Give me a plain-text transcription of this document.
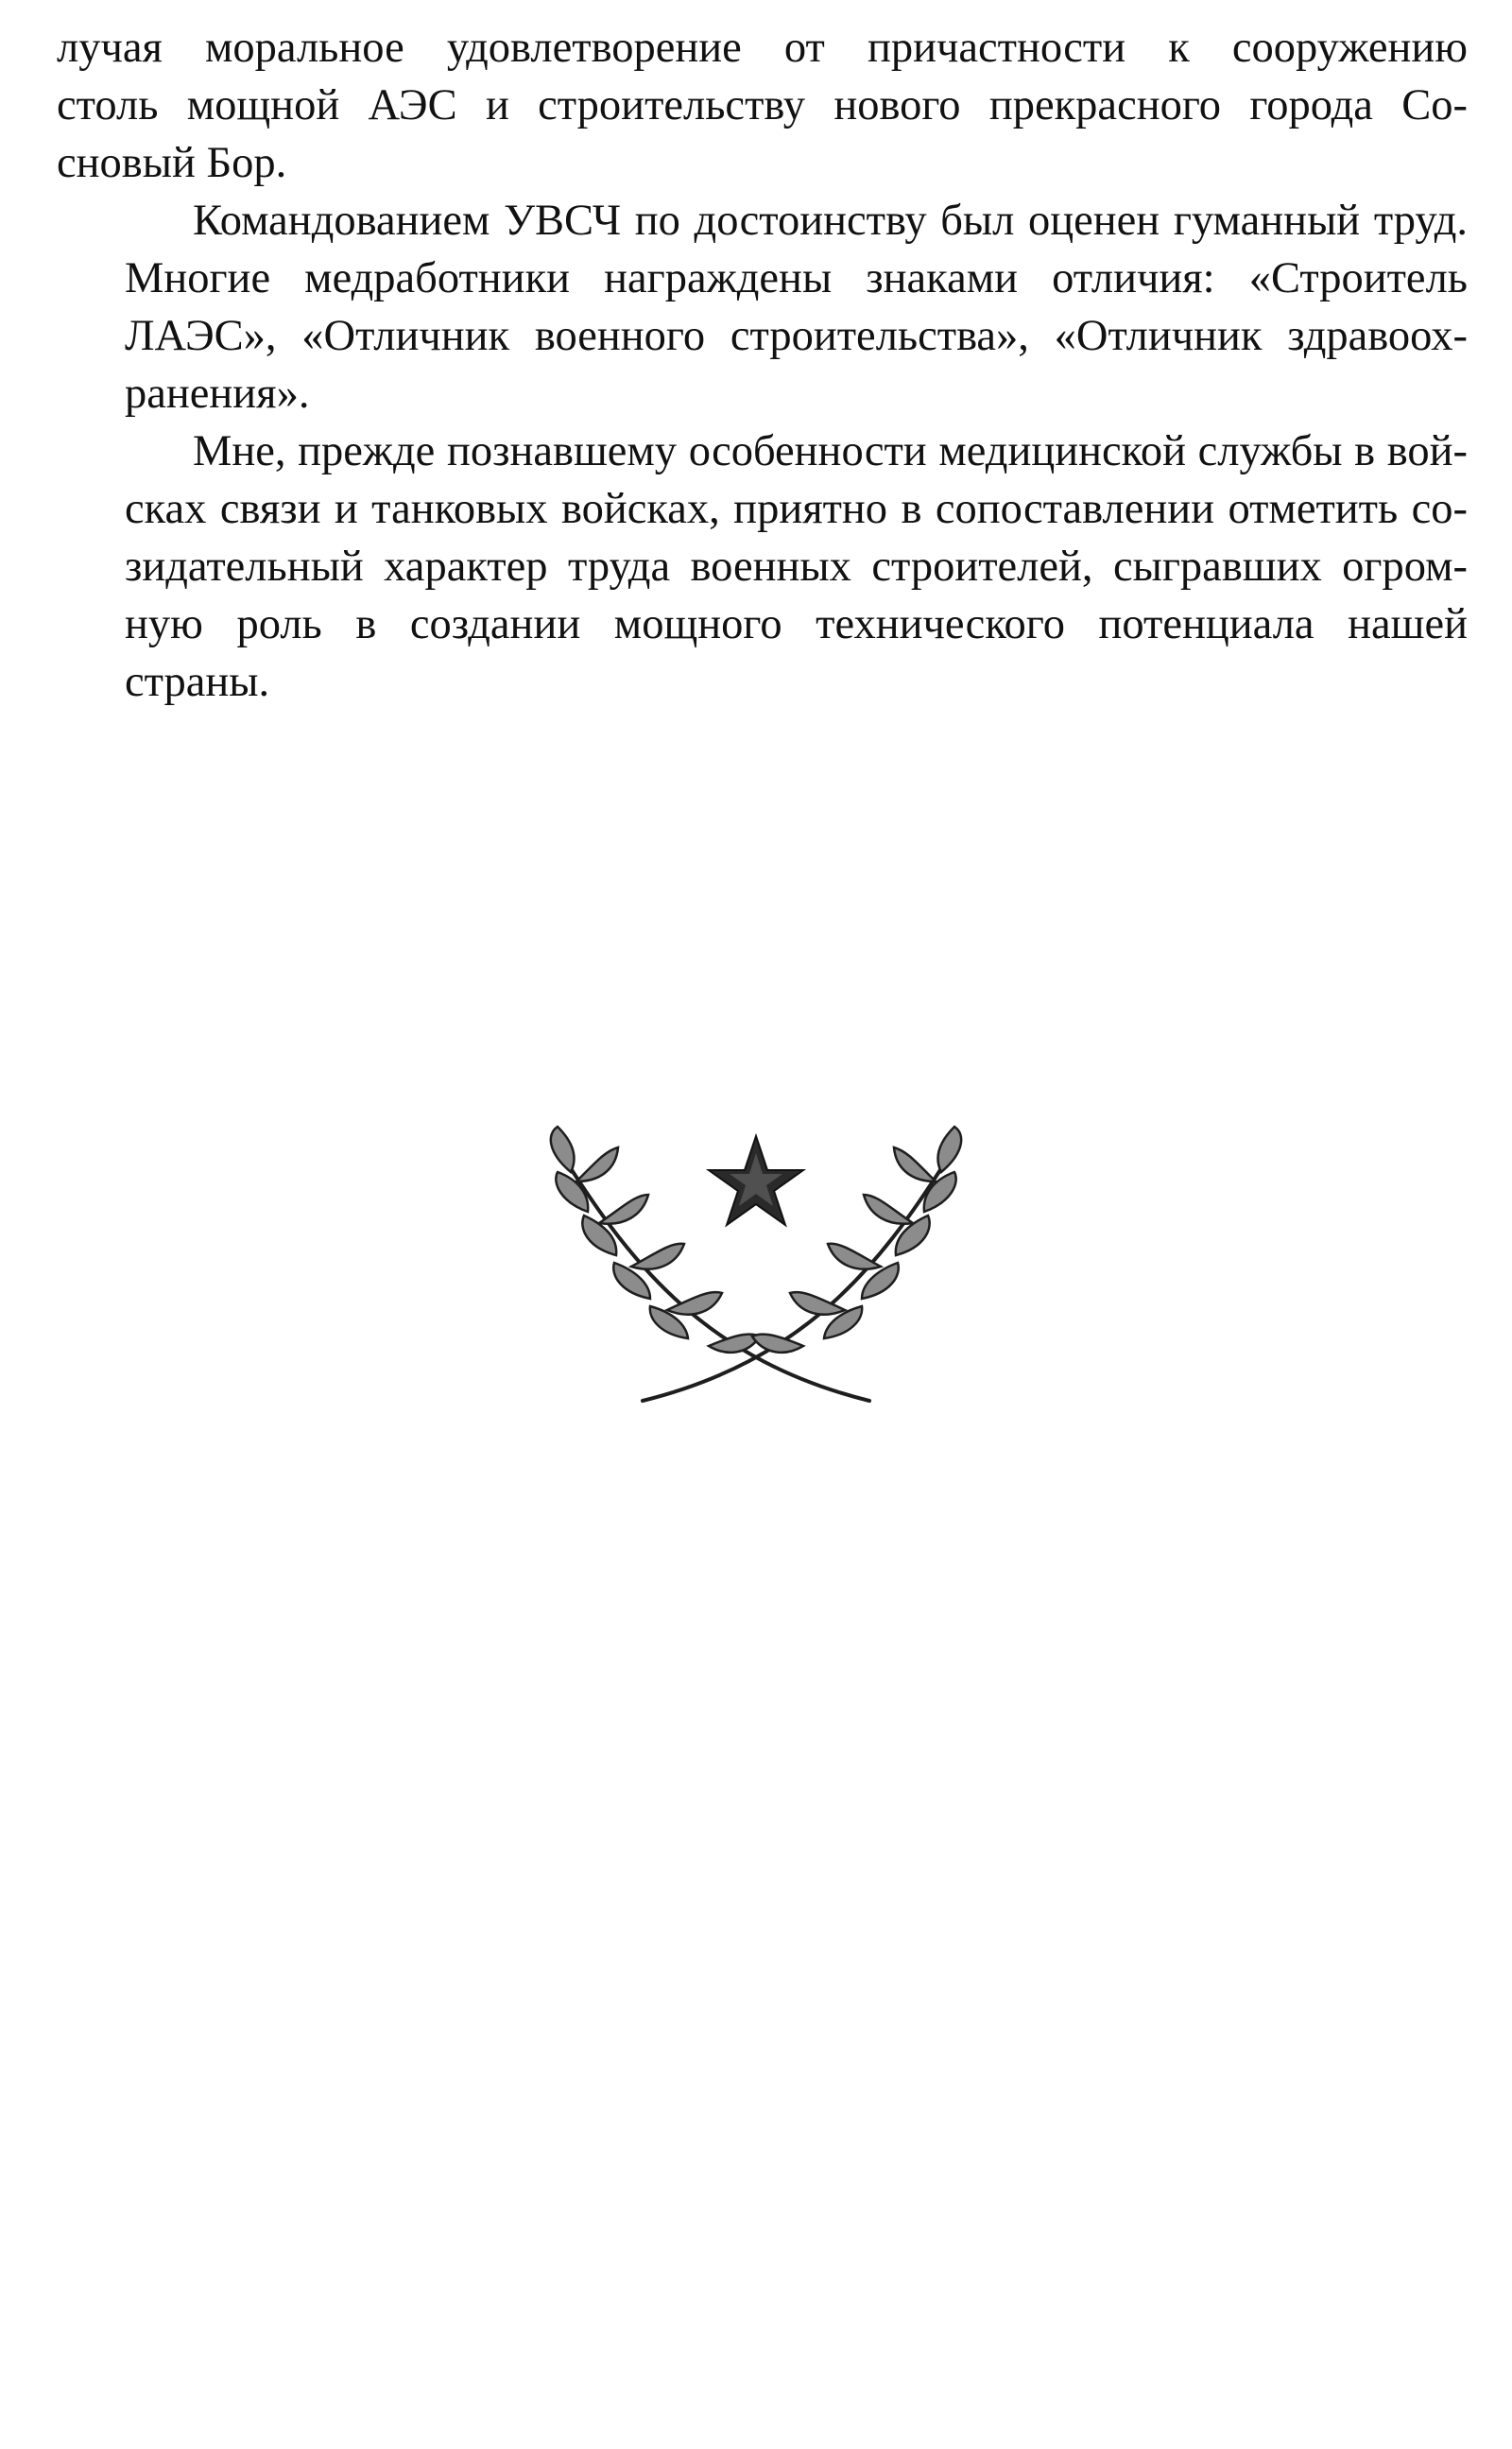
лучая моральное удовлетворение от причастности к сооружению
столь мощной АЭС и строительству нового прекрасного города Со-
сновый Бор.

Командованием УВСЧ по достоинству был оценен гуманный труд.
Многие медработники награждены знаками отличия: «Строитель
ЛАЭС», «Отличник военного строительства», «Отличник здравоох-
ранения».

Мне, прежде познавшему особенности медицинской службы в вой-
сках связи и танковых войсках, приятно в сопоставлении отметить со-
зидательный характер труда военных строителей, сыгравших огром-
ную роль в создании мощного технического потенциала нашей
страны.
